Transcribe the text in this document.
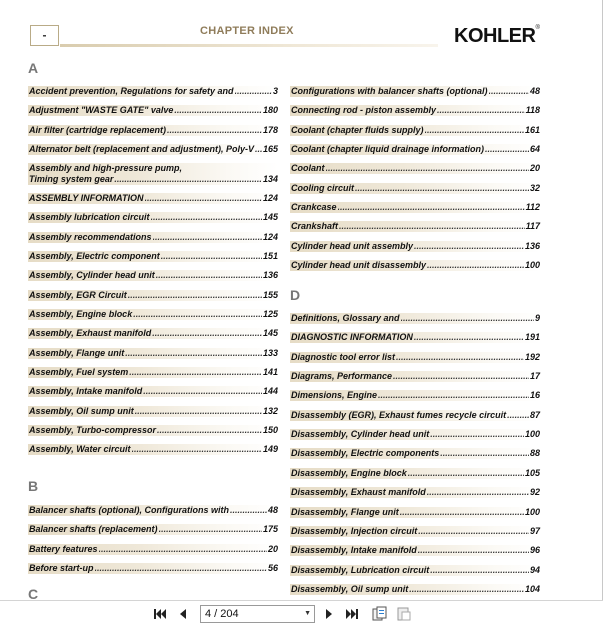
-	CHAPTER INDEX	KOHLER®
A
Accident prevention, Regulations for safety and .....	3
Adjustment "WASTE GATE" valve .....	180
Air filter (cartridge replacement) .....	178
Alternator belt (replacement and adjustment), Poly-V ..... 165
Assembly and high-pressure pump,
Timing system gear .....	134
ASSEMBLY INFORMATION .....	124
Assembly lubrication circuit .....	145
Assembly recommendations .....	124
Assembly, Electric component .....	151
Assembly, Cylinder head unit .....	136
Assembly, EGR Circuit .....	155
Assembly, Engine block .....	125
Assembly, Exhaust manifold .....	145
Assembly, Flange unit .....	133
Assembly, Fuel system .....	141
Assembly, Intake manifold .....	144
Assembly, Oil sump unit .....	132
Assembly, Turbo-compressor .....	150
Assembly, Water circuit .....	149
B
Balancer shafts (optional), Configurations with .....	48
Balancer shafts (replacement) .....	175
Battery features .....	20
Before start-up .....	56
C
Configurations with balancer shafts (optional) .....	48
Connecting rod - piston assembly .....	118
Coolant (chapter fluids supply) .....	161
Coolant (chapter liquid drainage information) .....	64
Coolant .....	20
Cooling circuit .....	32
Crankcase .....	112
Crankshaft .....	117
Cylinder head unit assembly .....	136
Cylinder head unit disassembly .....	100
D
Definitions, Glossary and .....	9
DIAGNOSTIC INFORMATION .....	191
Diagnostic tool error list .....	192
Diagrams, Performance .....	17
Dimensions, Engine .....	16
Disassembly (EGR), Exhaust fumes recycle circuit .....	87
Disassembly, Cylinder head unit .....	100
Disassembly, Electric components .....	88
Disassembly, Engine block .....	105
Disassembly, Exhaust manifold .....	92
Disassembly, Flange unit .....	100
Disassembly, Injection circuit .....	97
Disassembly, Intake manifold .....	96
Disassembly, Lubrication circuit .....	94
Disassembly, Oil sump unit .....	104
4 / 204	▼
